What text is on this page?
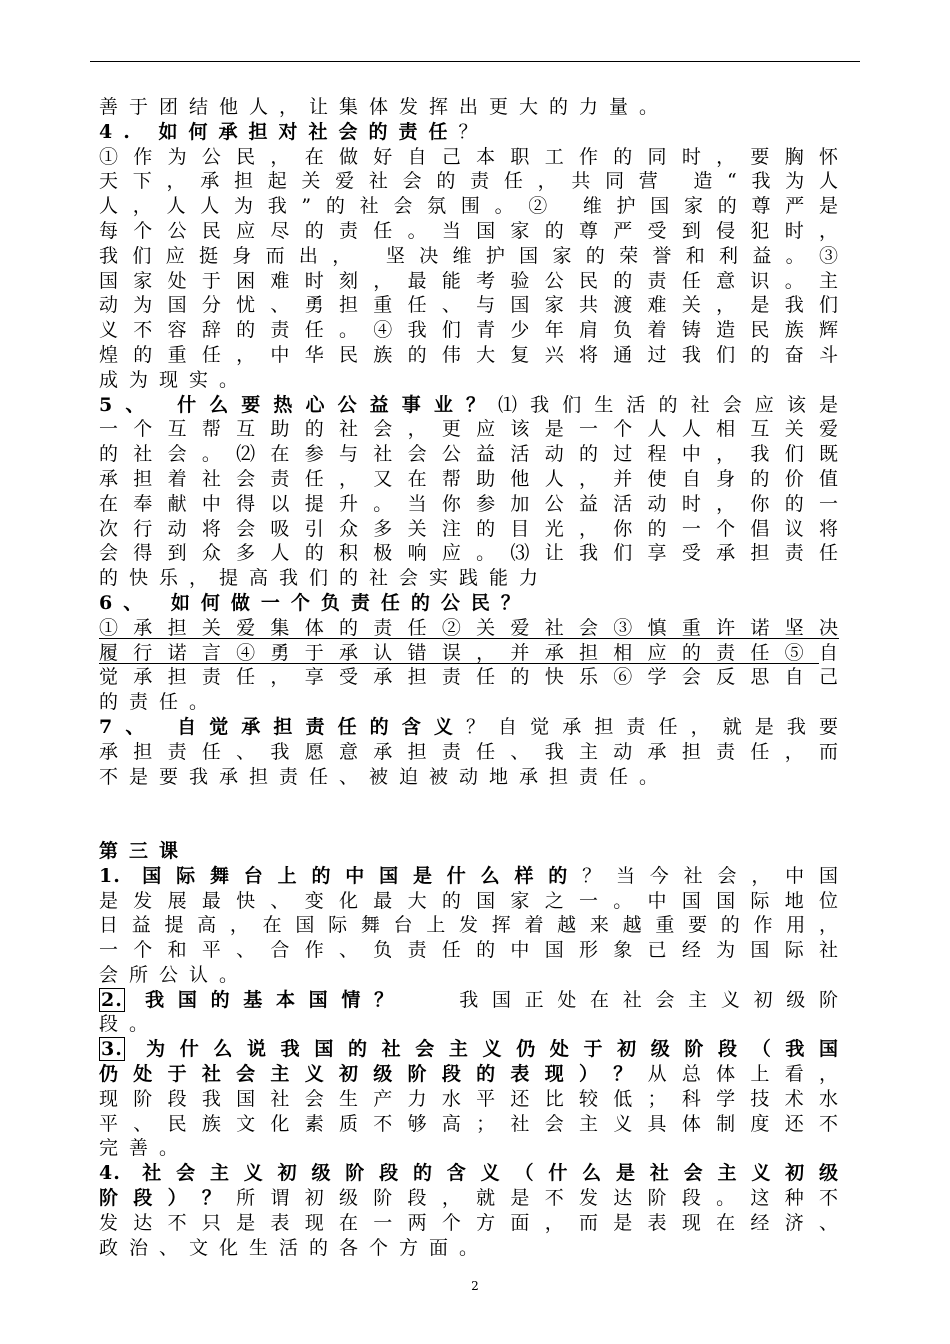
善于团结他人，让集体发挥出更大的力量。
4. 如何承担对社会的责任？
①作为公民，在做好自己本职工作的同时，要胸怀
天下，承担起关爱社会的责任，共同营 造“我为人
人，人人为我”的社会氛围。② 维护国家的尊严是
每个公民应尽的责任。当国家的尊严受到侵犯时，
我们应挺身而出， 坚决维护国家的荣誉和利益。③
国家处于困难时刻，最能考验公民的责任意识。主
动为国分忧、勇担重任、与国家共渡难关，是我们
义不容辞的责任。④我们青少年肩负着铸造民族辉
煌的重任，中华民族的伟大复兴将通过我们的奋斗
成为现实。
5、 什么要热心公益事业？⑴我们生活的社会应该是
一个互帮互助的社会，更应该是一个人人相互关爱
的社会。⑵在参与社会公益活动的过程中，我们既
承担着社会责任，又在帮助他人，并使自身的价值
在奉献中得以提升。当你参加公益活动时，你的一
次行动将会吸引众多关注的目光，你的一个倡议将
会得到众多人的积极响应。⑶让我们享受承担责任
的快乐，提高我们的社会实践能力
6、 如何做一个负责任的公民？
①承担关爱集体的责任②关爱社会③慎重许诺坚决
履行诺言④勇于承认错误，并承担相应的责任⑤自
觉承担责任，享受承担责任的快乐⑥学会反思自己
的责任。
7、 自觉承担责任的含义？自觉承担责任，就是我要
承担责任、我愿意承担责任、我主动承担责任，而
不是要我承担责任、被迫被动地承担责任。
第三课
1. 国际舞台上的中国是什么样的？当今社会，中国
是发展最快、变化最大的国家之一。中国国际地位
日益提高，在国际舞台上发挥着越来越重要的作用，
一个和平、合作、负责任的中国形象已经为国际社
会所公认。
2. 我国的基本国情？　 我国正处在社会主义初级阶
段。
3. 为什么说我国的社会主义仍处于初级阶段（我国
仍处于社会主义初级阶段的表现）？从总体上看，
现阶段我国社会生产力水平还比较低；科学技术水
平、民族文化素质不够高；社会主义具体制度还不
完善。
4. 社会主义初级阶段的含义（什么是社会主义初级
阶段）？所谓初级阶段，就是不发达阶段。这种不
发达不只是表现在一两个方面，而是表现在经济、
政治、文化生活的各个方面。
2
